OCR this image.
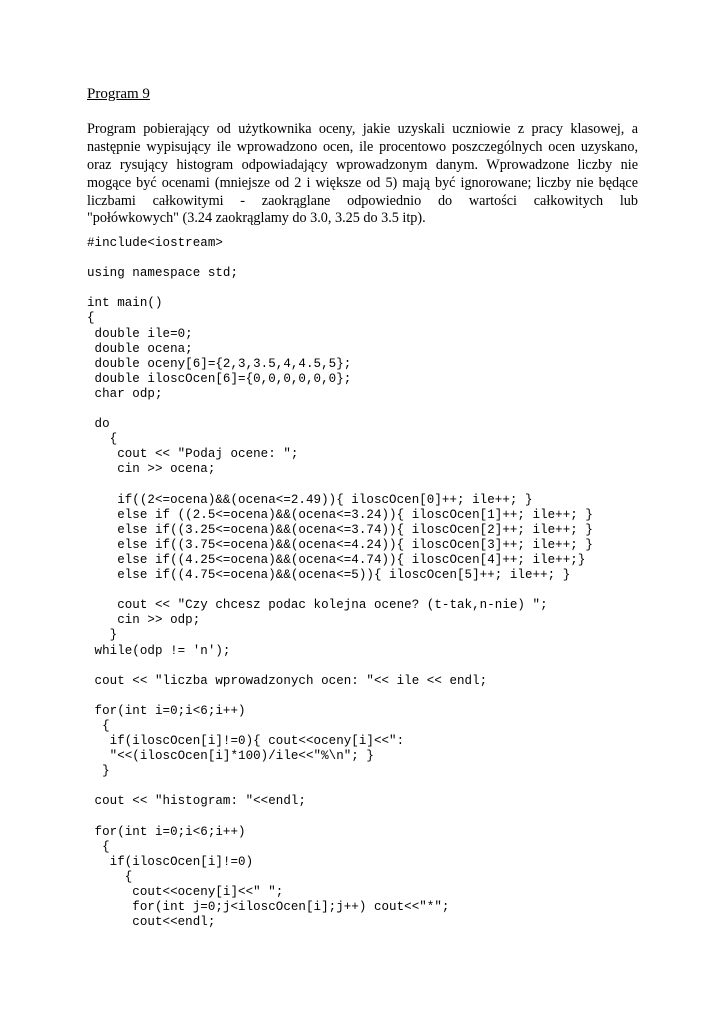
Program 9
Program pobierający od użytkownika oceny, jakie uzyskali uczniowie z pracy klasowej, a
następnie wypisujący ile wprowadzono ocen, ile procentowo poszczególnych ocen uzyskano,
oraz rysujący histogram odpowiadający wprowadzonym danym. Wprowadzone liczby nie
mogące być ocenami (mniejsze od 2 i większe od 5) mają być ignorowane; liczby nie będące
liczbami całkowitymi - zaokrąglane odpowiednio do wartości całkowitych lub
"połówkowych" (3.24 zaokrąglamy do 3.0, 3.25 do 3.5 itp).
#include<iostream>
using namespace std;
int main()
{
double ile=0;
double ocena;
double oceny[6]={2,3,3.5,4,4.5,5};
double iloscOcen[6]={0,0,0,0,0,0};
char odp;
do
{
cout << "Podaj ocene: ";
cin >> ocena;
if((2<=ocena)&&(ocena<=2.49)){ iloscOcen[0]++; ile++; }
else if ((2.5<=ocena)&&(ocena<=3.24)){ iloscOcen[1]++; ile++; }
else if((3.25<=ocena)&&(ocena<=3.74)){ iloscOcen[2]++; ile++; }
else if((3.75<=ocena)&&(ocena<=4.24)){ iloscOcen[3]++; ile++; }
else if((4.25<=ocena)&&(ocena<=4.74)){ iloscOcen[4]++; ile++;}
else if((4.75<=ocena)&&(ocena<=5)){ iloscOcen[5]++; ile++; }
cout << "Czy chcesz podac kolejna ocene? (t-tak,n-nie) ";
cin >> odp;
}
while(odp != 'n');
cout << "liczba wprowadzonych ocen: "<< ile << endl;
for(int i=0;i<6;i++)
{
if(iloscOcen[i]!=0){ cout<<oceny[i]<<":
"<<(iloscOcen[i]*100)/ile<<"%\n"; }
}
cout << "histogram: "<<endl;
for(int i=0;i<6;i++)
{
if(iloscOcen[i]!=0)
{
cout<<oceny[i]<<" ";
for(int j=0;j<iloscOcen[i];j++) cout<<"*";
cout<<endl;
